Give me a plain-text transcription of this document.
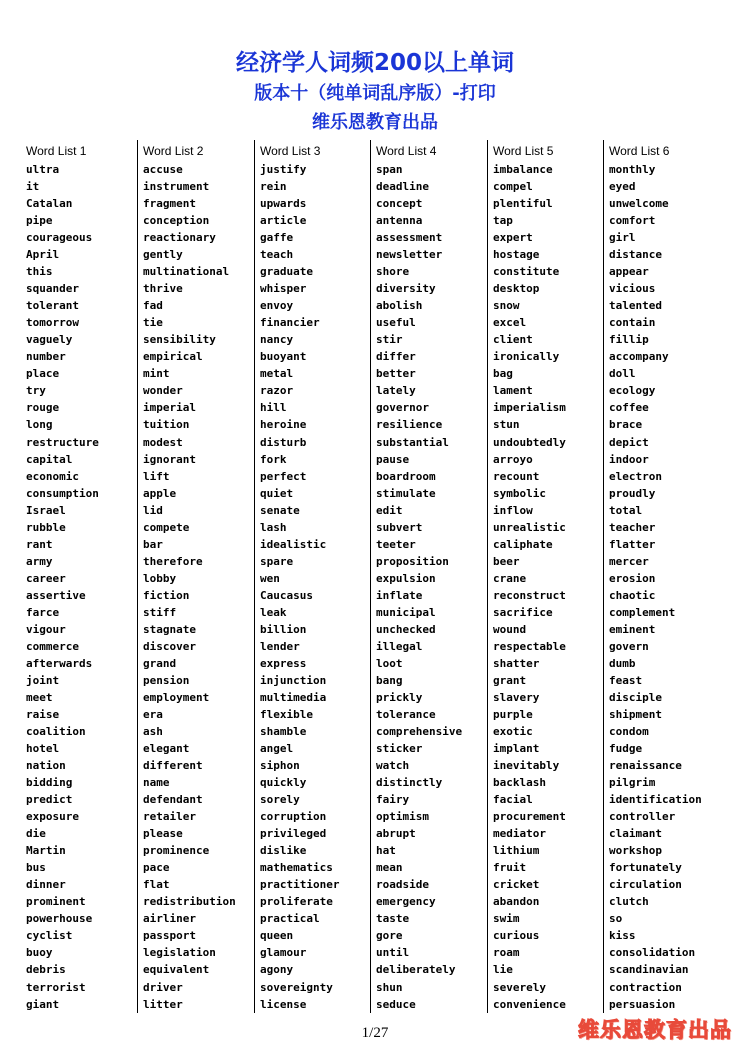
经济学人词频200以上单词
版本十（纯单词乱序版）-打印
维乐恩教育出品
Word List 1
ultra
it
Catalan
pipe
courageous
April
this
squander
tolerant
tomorrow
vaguely
number
place
try
rouge
long
restructure
capital
economic
consumption
Israel
rubble
rant
army
career
assertive
farce
vigour
commerce
afterwards
joint
meet
raise
coalition
hotel
nation
bidding
predict
exposure
die
Martin
bus
dinner
prominent
powerhouse
cyclist
buoy
debris
terrorist
giant
Word List 2
accuse
instrument
fragment
conception
reactionary
gently
multinational
thrive
fad
tie
sensibility
empirical
mint
wonder
imperial
tuition
modest
ignorant
lift
apple
lid
compete
bar
therefore
lobby
fiction
stiff
stagnate
discover
grand
pension
employment
era
ash
elegant
different
name
defendant
retailer
please
prominence
pace
flat
redistribution
airliner
passport
legislation
equivalent
driver
litter
Word List 3
justify
rein
upwards
article
gaffe
teach
graduate
whisper
envoy
financier
nancy
buoyant
metal
razor
hill
heroine
disturb
fork
perfect
quiet
senate
lash
idealistic
spare
wen
Caucasus
leak
billion
lender
express
injunction
multimedia
flexible
shamble
angel
siphon
quickly
sorely
corruption
privileged
dislike
mathematics
practitioner
proliferate
practical
queen
glamour
agony
sovereignty
license
Word List 4
span
deadline
concept
antenna
assessment
newsletter
shore
diversity
abolish
useful
stir
differ
better
lately
governor
resilience
substantial
pause
boardroom
stimulate
edit
subvert
teeter
proposition
expulsion
inflate
municipal
unchecked
illegal
loot
bang
prickly
tolerance
comprehensive
sticker
watch
distinctly
fairy
optimism
abrupt
hat
mean
roadside
emergency
taste
gore
until
deliberately
shun
seduce
Word List 5
imbalance
compel
plentiful
tap
expert
hostage
constitute
desktop
snow
excel
client
ironically
bag
lament
imperialism
stun
undoubtedly
arroyo
recount
symbolic
inflow
unrealistic
caliphate
beer
crane
reconstruct
sacrifice
wound
respectable
shatter
grant
slavery
purple
exotic
implant
inevitably
backlash
facial
procurement
mediator
lithium
fruit
cricket
abandon
swim
curious
roam
lie
severely
convenience
Word List 6
monthly
eyed
unwelcome
comfort
girl
distance
appear
vicious
talented
contain
fillip
accompany
doll
ecology
coffee
brace
depict
indoor
electron
proudly
total
teacher
flatter
mercer
erosion
chaotic
complement
eminent
govern
dumb
feast
disciple
shipment
condom
fudge
renaissance
pilgrim
identification
controller
claimant
workshop
fortunately
circulation
clutch
so
kiss
consolidation
scandinavian
contraction
persuasion
1/27	维乐恩教育出品
